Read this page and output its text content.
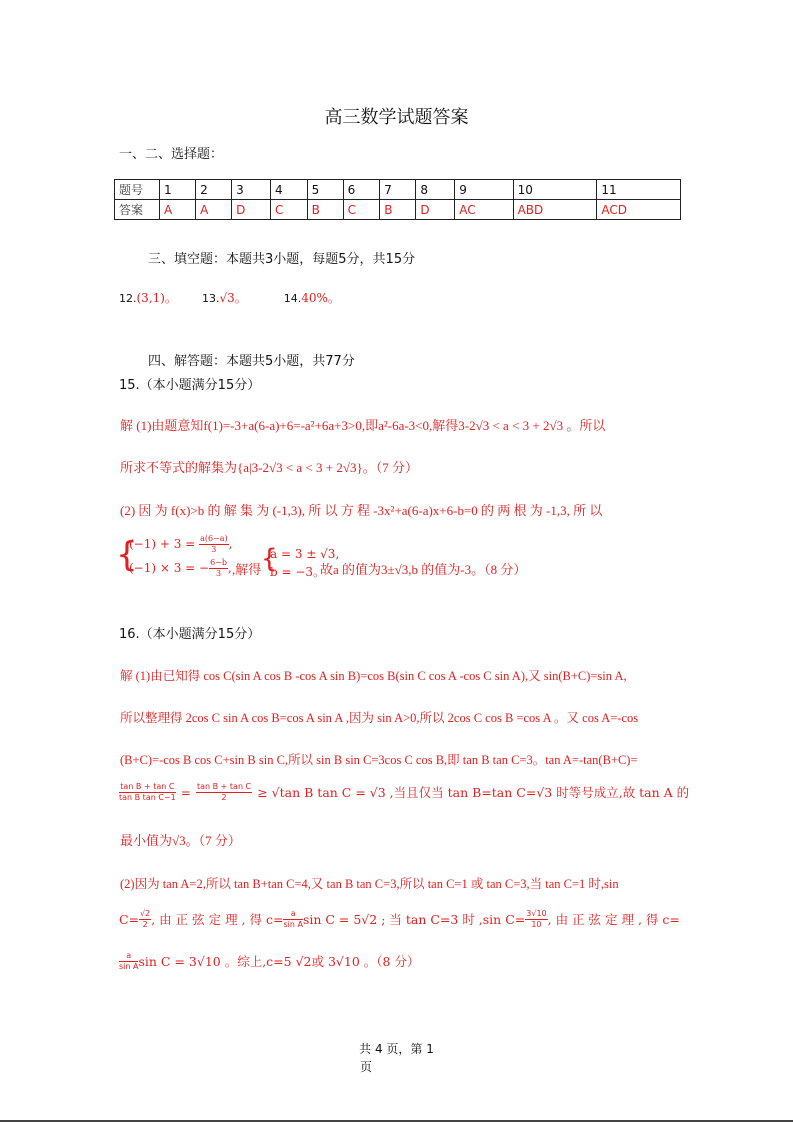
高三数学试题答案
一、二、选择题：
题号	1	2	3	4	5	6	7	8	9	10	11
答案	A	A	D	C	B	C	B	D	AC	ABD	ACD
三、填空题：本题共3小题，每题5分，共15分
12.(3,1)。 13.√3。	14.40%。
四、解答题：本题共5小题，共77分
15.（本小题满分15分）
解 (1)由题意知f(1)=-3+a(6-a)+6=-a²+6a+3>0,即a²-6a-3<0,解得3-2√3 < a < 3 + 2√3 。所以
所求不等式的解集为{a|3-2√3 < a < 3 + 2√3}。（7 分）
(2) 因 为 f(x)>b 的 解 集 为 (-1,3), 所 以 方 程 -3x²+a(6-a)x+6-b=0 的 两 根 为 -1,3, 所 以
{
$(-1) + 3 = \frac{a(6-a)}{3}$ ,
(−1) × 3 = − $\frac{6-b}{3}$ , ,解得 {
a = 3 ± √3,
b = −3。
故a 的值为3±√3,b 的值为-3。（8 分）
16.（本小题满分15分）
解 (1)由已知得 cos C(sin A cos B -cos A sin B)=cos B(sin C cos A -cos C sin A),又 sin(B+C)=sin A,
所以整理得 2cos C sin A cos B=cos A sin A ,因为 sin A>0,所以 2cos C cos B =cos A 。又 cos A=-cos
(B+C)=-cos B cos C+sin B sin C,所以 sin B sin C=3cos C cos B,即 tan B tan C=3。tan A=-tan(B+C)=
$\frac{\text{tan B + tan C}}{\text{tan B tan C−1}} = \frac{\text{tan B + tan C}}{2} \ge √\tan$ B tan C = √3 ,当且仅当 tan B=tan C=√3 时等号成立,故 tan A 的
最小值为√3。（7 分）
(2)因为 tan A=2,所以 tan B+tan C=4,又 tan B tan C=3,所以 tan C=1 或 tan C=3,当 tan C=1 时,sin
$C= \frac{√2}{2}$ , 由 正 弦 定 理 , 得 $c= \frac{a}{\text{sin A}}$ sin C = 5√2 ; 当 tan C=3 时 ,sin $C= \frac{3√10}{10}$ , 由 正 弦 定 理 , 得 c=
$\frac{a}{\text{sin A}}$ sin C = 3√10 。综上,c=5 √2或 3√10 。（8 分）
共 4 页，第 1
页
